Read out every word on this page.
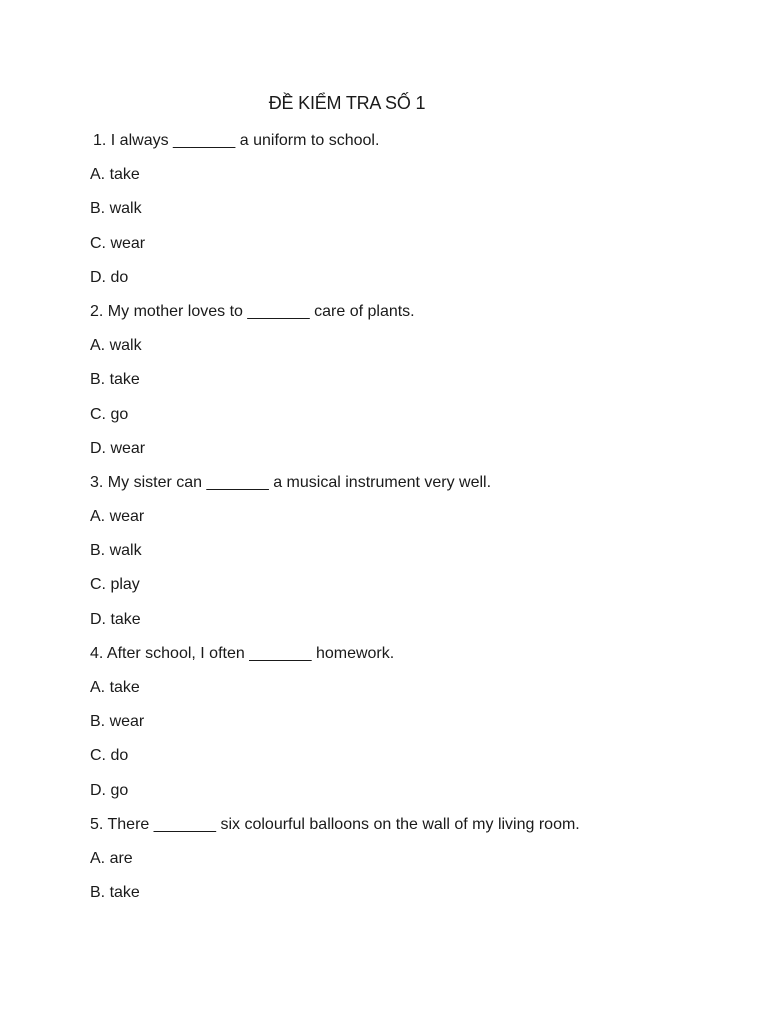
ĐỀ KIỂM TRA SỐ 1
1. I always _______ a uniform to school.
A. take
B. walk
C. wear
D. do
2. My mother loves to _______ care of plants.
A. walk
B. take
C. go
D. wear
3. My sister can _______ a musical instrument very well.
A. wear
B. walk
C. play
D. take
4. After school, I often _______ homework.
A. take
B. wear
C. do
D. go
5. There _______ six colourful balloons on the wall of my living room.
A. are
B. take
